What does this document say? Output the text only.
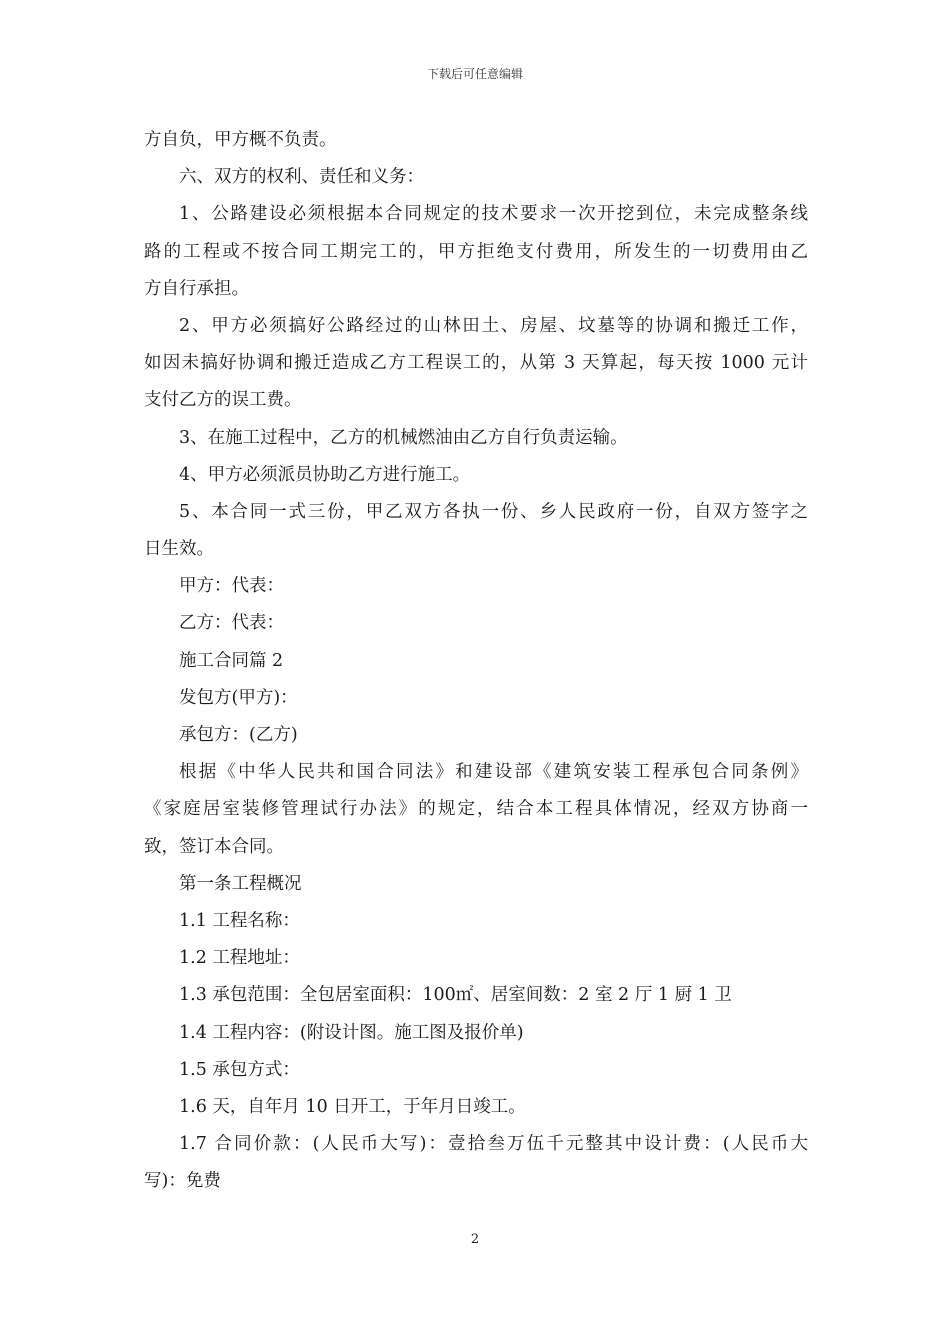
下载后可任意编辑
方自负，甲方概不负责。
六、双方的权利、责任和义务：
1、公路建设必须根据本合同规定的技术要求一次开挖到位，未完成整条线
路的工程或不按合同工期完工的，甲方拒绝支付费用，所发生的一切费用由乙
方自行承担。
2、甲方必须搞好公路经过的山林田土、房屋、坟墓等的协调和搬迁工作，
如因未搞好协调和搬迁造成乙方工程误工的，从第 3 天算起，每天按 1000 元计
支付乙方的误工费。
3、在施工过程中，乙方的机械燃油由乙方自行负责运输。
4、甲方必须派员协助乙方进行施工。
5、本合同一式三份，甲乙双方各执一份、乡人民政府一份，自双方签字之
日生效。
甲方：代表：
乙方：代表：
施工合同篇 2
发包方(甲方)：
承包方：(乙方)
根据《中华人民共和国合同法》和建设部《建筑安装工程承包合同条例》
《家庭居室装修管理试行办法》的规定，结合本工程具体情况，经双方协商一
致，签订本合同。
第一条工程概况
1.1 工程名称：
1.2 工程地址：
1.3 承包范围：全包居室面积：100㎡、居室间数：2 室 2 厅 1 厨 1 卫
1.4 工程内容：(附设计图。施工图及报价单)
1.5 承包方式：
1.6 天，自年月 10 日开工，于年月日竣工。
1.7 合同价款：(人民币大写)：壹拾叁万伍千元整其中设计费：(人民币大
写)：免费
2
